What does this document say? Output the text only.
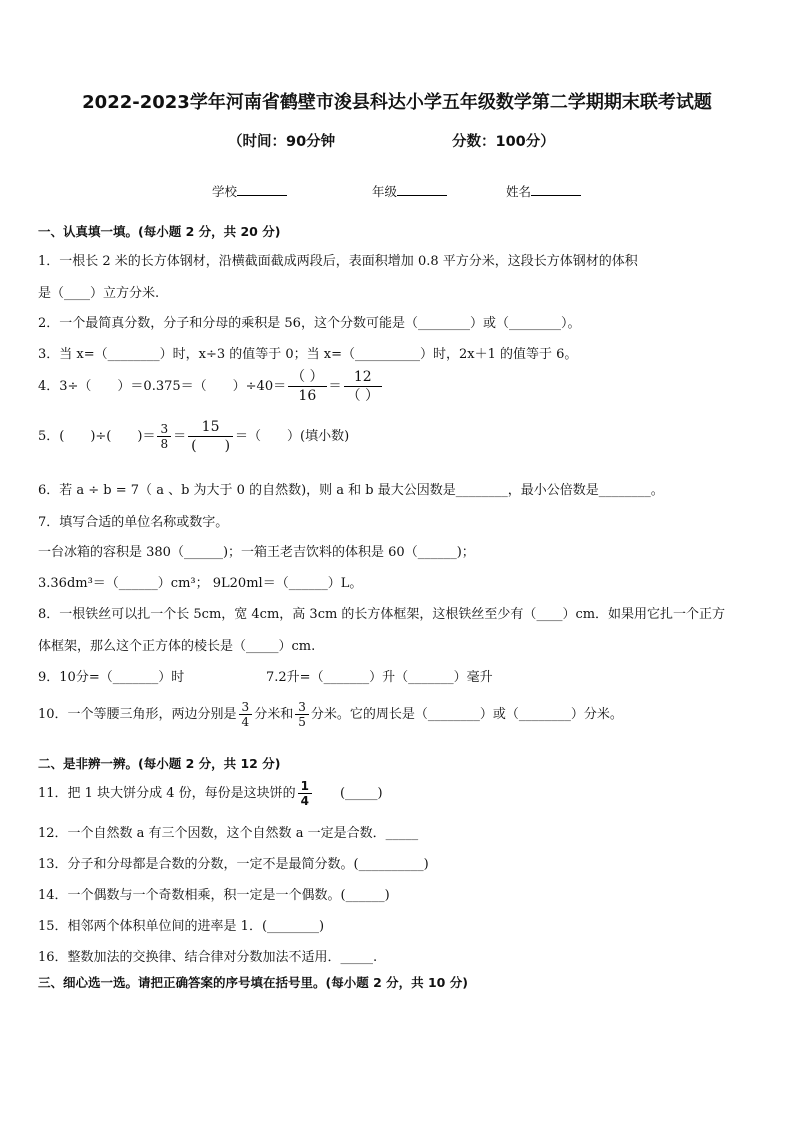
2022-2023学年河南省鹤壁市浚县科达小学五年级数学第二学期期末联考试题
（时间：90分钟	分数：100分）
学校	年级	姓名
一、认真填一填。(每小题 2 分，共 20 分)
1．一根长 2 米的长方体钢材，沿横截面截成两段后，表面积增加 0.8 平方分米，这段长方体钢材的体积
是（____）立方分米.
2．一个最简真分数，分子和分母的乘积是 56，这个分数可能是（________）或（________）。
3．当 x=（________）时，x÷3 的值等于 0；当 x=（__________）时，2x＋1 的值等于 6。
4．3÷（　　）＝0.375＝（　　）$\div 40= \frac{( )}{16} = \frac{12}{( )}$
5．(　　)÷(　　)＝ $\frac{3}{8} = \frac{15}{( )}$ ＝（　　）(填小数)
6．若 a ÷ b = 7（ a 、b 为大于 0 的自然数)，则 a 和 b 最大公因数是________，最小公倍数是________。
7．填写合适的单位名称或数字。
一台冰箱的容积是 380（______)；一箱王老吉饮料的体积是 60（______)；
3.36dm³＝（______）cm³； 9L20ml＝（______）L。
8．一根铁丝可以扎一个长 5cm，宽 4cm，高 3cm 的长方体框架，这根铁丝至少有（____）cm．如果用它扎一个正方
体框架，那么这个正方体的棱长是（_____）cm.
9．10分=（_______）时	7.2升=（_______）升（_______）毫升
10．一个等腰三角形，两边分别是 $\frac{3}{4}$ 分米和 $\frac{3}{5}$ 分米。它的周长是（________）或（________）分米。
二、是非辨一辨。(每小题 2 分，共 12 分)
11．把 1 块大饼分成 4 份，每份是这块饼的 $\frac{1}{4}$ 　　(_____)
12．一个自然数 a 有三个因数，这个自然数 a 一定是合数．_____
13．分子和分母都是合数的分数，一定不是最简分数。(__________)
14．一个偶数与一个奇数相乘，积一定是一个偶数。(______)
15．相邻两个体积单位间的进率是 1．(________)
16．整数加法的交换律、结合律对分数加法不适用．_____.
三、细心选一选。请把正确答案的序号填在括号里。(每小题 2 分，共 10 分)
